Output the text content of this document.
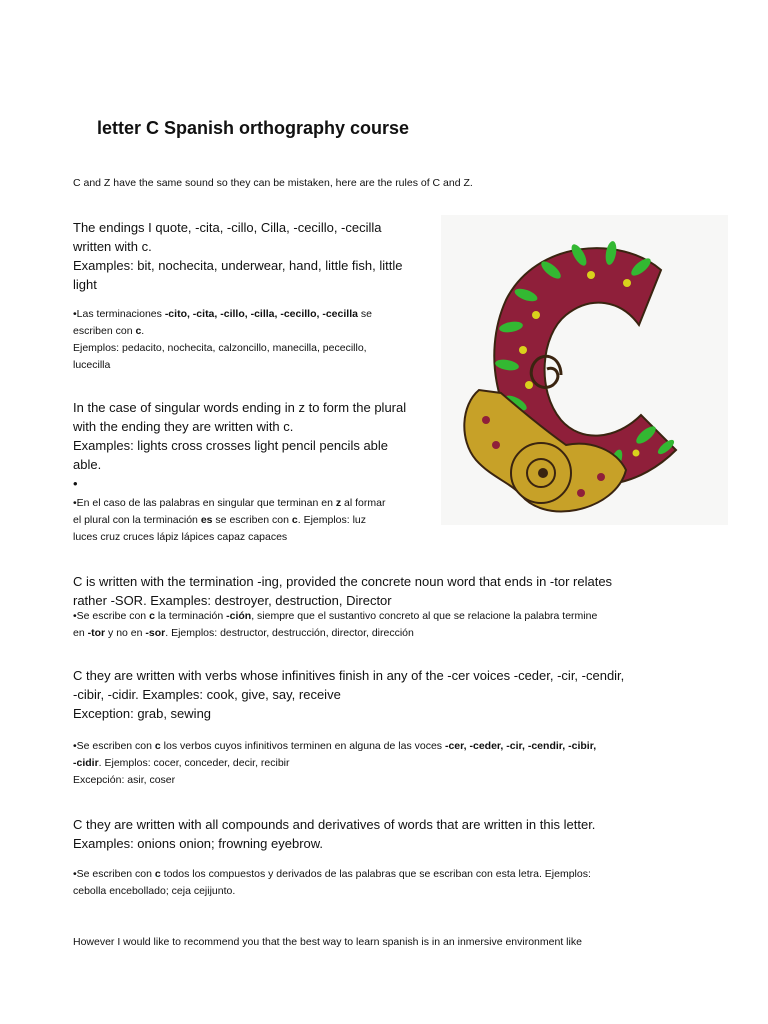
letter C Spanish orthography course
C and Z have the same sound so they can be mistaken, here are the rules of C and Z.
The endings I quote, -cita, -cillo, Cilla, -cecillo, -cecilla
written with c.
Examples: bit, nochecita, underwear, hand, little fish, little
light
•Las terminaciones -cito, -cita, -cillo, -cilla, -cecillo, -cecilla se
escriben con c.
Ejemplos: pedacito, nochecita, calzoncillo, manecilla, pececillo,
lucecilla
In the case of singular words ending in z to form the plural
with the ending they are written with c.
Examples: lights cross crosses light pencil pencils able
able.
•
•En el caso de las palabras en singular que terminan en z al formar
el plural con la terminación es se escriben con c. Ejemplos: luz
luces cruz cruces lápiz lápices capaz capaces
C is written with the termination -ing, provided the concrete noun word that ends in -tor relates
rather -SOR. Examples: destroyer, destruction, Director
•Se escribe con c la terminación -ción, siempre que el sustantivo concreto al que se relacione la palabra termine
en -tor y no en -sor. Ejemplos: destructor, destrucción, director, dirección
C they are written with verbs whose infinitives finish in any of the -cer voices -ceder, -cir, -cendir,
-cibir, -cidir. Examples: cook, give, say, receive
Exception: grab, sewing
•Se escriben con c los verbos cuyos infinitivos terminen en alguna de las voces -cer, -ceder, -cir, -cendir, -cibir,
-cidir. Ejemplos: cocer, conceder, decir, recibir
Excepción: asir, coser
C they are written with all compounds and derivatives of words that are written in this letter.
Examples: onions onion; frowning eyebrow.
•Se escriben con c todos los compuestos y derivados de las palabras que se escriban con esta letra. Ejemplos:
cebolla encebollado; ceja cejijunto.
However I would like to recommend you that the best way to learn spanish is in an inmersive environment like
